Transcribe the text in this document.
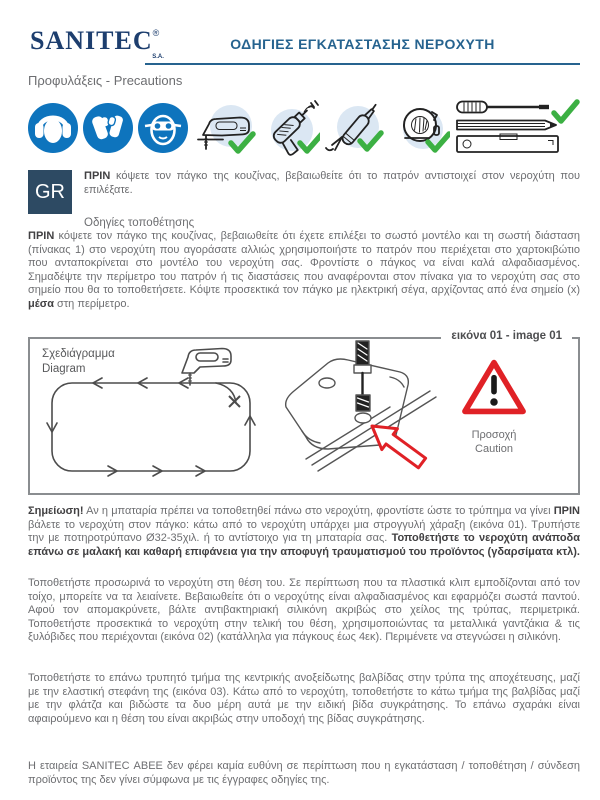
$SANITEC®_{S.A.}$
ΟΔΗΓΙΕΣ ΕΓΚΑΤΑΣΤΑΣΗΣ ΝΕΡΟΧΥΤΗ
Προφυλάξεις - Precautions
GR
ΠΡΙΝ κόψετε τον πάγκο της κουζίνας, βεβαιωθείτε ότι το πατρόν αντιστοιχεί στον νεροχύτη που επιλέξατε.
Οδηγίες τοποθέτησης
ΠΡΙΝ κόψετε τον πάγκο της κουζίνας, βεβαιωθείτε ότι έχετε επιλέξει το σωστό μοντέλο και τη σωστή διάσταση (πίνακας 1) στο νεροχύτη που αγοράσατε αλλιώς χρησιμοποιήστε το πατρόν που περιέχεται στο χαρτοκιβώτιο που ανταποκρίνεται στο μοντέλο του νεροχύτη σας. Φροντίστε ο πάγκος να είναι καλά αλφαδιασμένος. Σημαδέψτε την περίμετρο του πατρόν ή τις διαστάσεις που αναφέρονται στον πίνακα για το νεροχύτη σας στο σημείο που θα το τοποθετήσετε. Κόψτε προσεκτικά τον πάγκο με ηλεκτρική σέγα, αρχίζοντας από ένα σημείο (x) μέσα στη περίμετρο.
εικόνα 01 - image 01
Σχεδιάγραμμα
Diagram
Προσοχή
Caution
Σημείωση! Αν η μπαταρία πρέπει να τοποθετηθεί πάνω στο νεροχύτη, φροντίστε ώστε το τρύπημα να γίνει ΠΡΙΝ βάλετε το νεροχύτη στον πάγκο: κάτω από το νεροχύτη υπάρχει μια στρογγυλή χάραξη (εικόνα 01). Τρυπήστε την με ποτηροτρύπανο Ø32-35χιλ. ή το αντίστοιχο για τη μπαταρία σας. Τοποθετήστε το νεροχύτη ανάποδα επάνω σε μαλακή και καθαρή επιφάνεια για την αποφυγή τραυματισμού του προϊόντος (γδαρσίματα κτλ).
Τοποθετήστε προσωρινά το νεροχύτη στη θέση του. Σε περίπτωση που τα πλαστικά κλιπ εμποδίζονται από τον τοίχο, μπορείτε να τα λειαίνετε. Βεβαιωθείτε ότι ο νεροχύτης είναι αλφαδιασμένος και εφαρμόζει σωστά παντού. Αφού τον απομακρύνετε, βάλτε αντιβακτηριακή σιλικόνη ακριβώς στο χείλος της τρύπας, περιμετρικά. Τοποθετήστε προσεκτικά το νεροχύτη στην τελική του θέση, χρησιμοποιώντας τα μεταλλικά γαντζάκια & τις ξυλόβιδες που περιέχονται (εικόνα 02) (κατάλληλα για πάγκους έως 4εκ). Περιμένετε να στεγνώσει η σιλικόνη.
Τοποθετήστε το επάνω τρυπητό τμήμα της κεντρικής ανοξείδωτης βαλβίδας στην τρύπα της αποχέτευσης, μαζί με την ελαστική στεφάνη της (εικόνα 03). Κάτω από το νεροχύτη, τοποθετήστε το κάτω τμήμα της βαλβίδας μαζί με την φλάτζα και βιδώστε τα δυο μέρη αυτά με την ειδική βίδα συγκράτησης. Το επάνω σχαράκι είναι αφαιρούμενο και η θέση του είναι ακριβώς στην υποδοχή της βίδας συγκράτησης.
Η εταιρεία SANITEC ΑΒΕΕ δεν φέρει καμία ευθύνη σε περίπτωση που η εγκατάσταση / τοποθέτηση / σύνδεση προϊόντος της δεν γίνει σύμφωνα με τις έγγραφες οδηγίες της.
